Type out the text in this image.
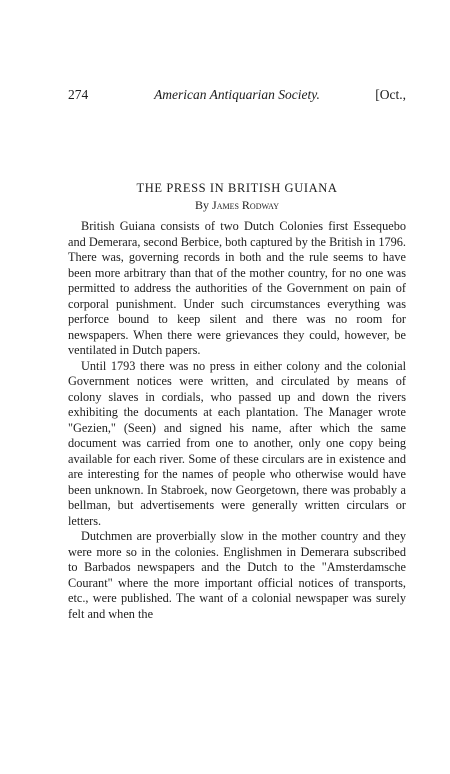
274	American Antiquarian Society.	[Oct.,
THE PRESS IN BRITISH GUIANA
By James Rodway

British Guiana consists of two Dutch Colonies first Essequebo and Demerara, second Berbice, both captured by the British in 1796. There was, governing records in both and the rule seems to have been more arbitrary than that of the mother country, for no one was permitted to address the authorities of the Government on pain of corporal punishment. Under such circumstances everything was perforce bound to keep silent and there was no room for newspapers. When there were grievances they could, however, be ventilated in Dutch papers.

Until 1793 there was no press in either colony and the colonial Government notices were written, and circulated by means of colony slaves in cordials, who passed up and down the rivers exhibiting the documents at each plantation. The Manager wrote "Gezien," (Seen) and signed his name, after which the same document was carried from one to another, only one copy being available for each river. Some of these circulars are in existence and are interesting for the names of people who otherwise would have been unknown. In Stabroek, now Georgetown, there was probably a bellman, but advertisements were generally written circulars or letters.

Dutchmen are proverbially slow in the mother country and they were more so in the colonies. Englishmen in Demerara subscribed to Barbados newspapers and the Dutch to the "Amsterdamsche Courant" where the more important official notices of transports, etc., were published. The want of a colonial newspaper was surely felt and when the
